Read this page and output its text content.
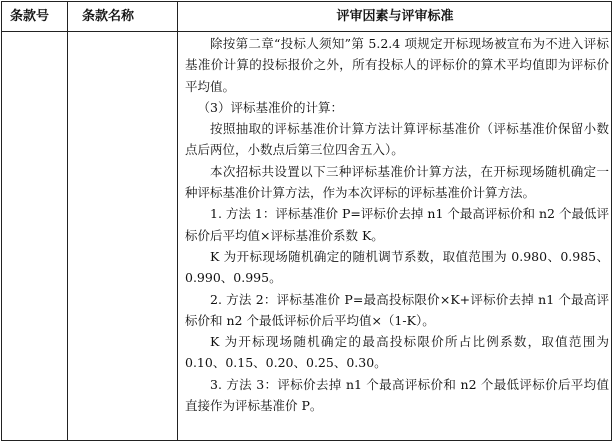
条款号	条款名称	评审因素与评审标准

除按第二章“投标人须知”第 5.2.4 项规定开标现场被宣布为不进入评标基准价计算的投标报价之外，所有投标人的评标价的算术平均值即为评标价平均值。

（3）评标基准价的计算：

按照抽取的评标基准价计算方法计算评标基准价（评标基准价保留小数点后两位，小数点后第三位四舍五入）。

本次招标共设置以下三种评标基准价计算方法，在开标现场随机确定一种评标基准价计算方法，作为本次评标的评标基准价计算方法。

1. 方法 1：评标基准价 P=评标价去掉 n1 个最高评标价和 n2 个最低评标价后平均值×评标基准价系数 K。

K 为开标现场随机确定的随机调节系数，取值范围为 0.980、0.985、0.990、0.995。

2. 方法 2：评标基准价 P=最高投标限价×K+评标价去掉 n1 个最高评标价和 n2 个最低评标价后平均值×（1-K）。

K 为开标现场随机确定的最高投标限价所占比例系数，取值范围为 0.10、0.15、0.20、0.25、0.30。

3. 方法 3：评标价去掉 n1 个最高评标价和 n2 个最低评标价后平均值直接作为评标基准价 P。
